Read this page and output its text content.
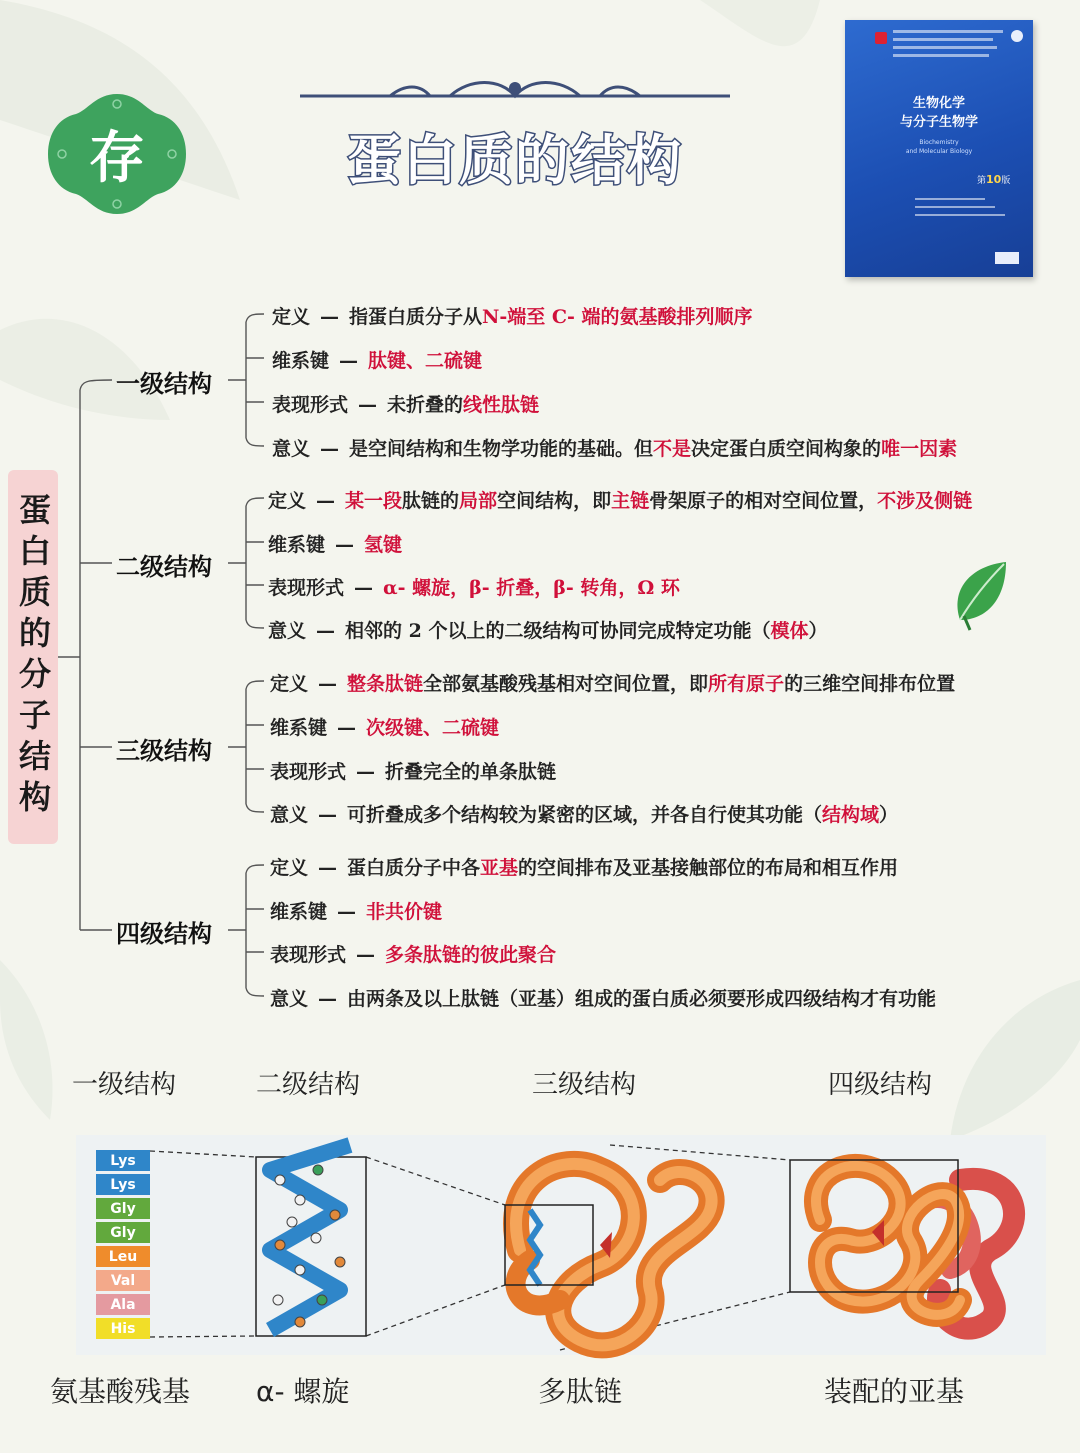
存	蛋白质的结构
生物化学
与分子生物学
Biochemistry
and Molecular Biology
第10版
蛋白质的分子结构
一级结构
定义 — 指蛋白质分子从N-端至 C- 端的氨基酸排列顺序
维系键 — 肽键、二硫键
表现形式 — 未折叠的线性肽链
意义 — 是空间结构和生物学功能的基础。但不是决定蛋白质空间构象的唯一因素
二级结构
定义 — 某一段肽链的局部空间结构，即主链骨架原子的相对空间位置，不涉及侧链
维系键 — 氢键
表现形式 — α- 螺旋，β- 折叠，β- 转角，Ω 环
意义 — 相邻的 2 个以上的二级结构可协同完成特定功能（模体）
三级结构
定义 — 整条肽链全部氨基酸残基相对空间位置，即所有原子的三维空间排布位置
维系键 — 次级键、二硫键
表现形式 — 折叠完全的单条肽链
意义 — 可折叠成多个结构较为紧密的区域，并各自行使其功能（结构域）
四级结构
定义 — 蛋白质分子中各亚基的空间排布及亚基接触部位的布局和相互作用
维系键 — 非共价键
表现形式 — 多条肽链的彼此聚合
意义 — 由两条及以上肽链（亚基）组成的蛋白质必须要形成四级结构才有功能
一级结构	二级结构	三级结构	四级结构
Lys
Lys
Gly
Gly
Leu
Val
Ala
His
氨基酸残基 α- 螺旋	多肽链	装配的亚基
